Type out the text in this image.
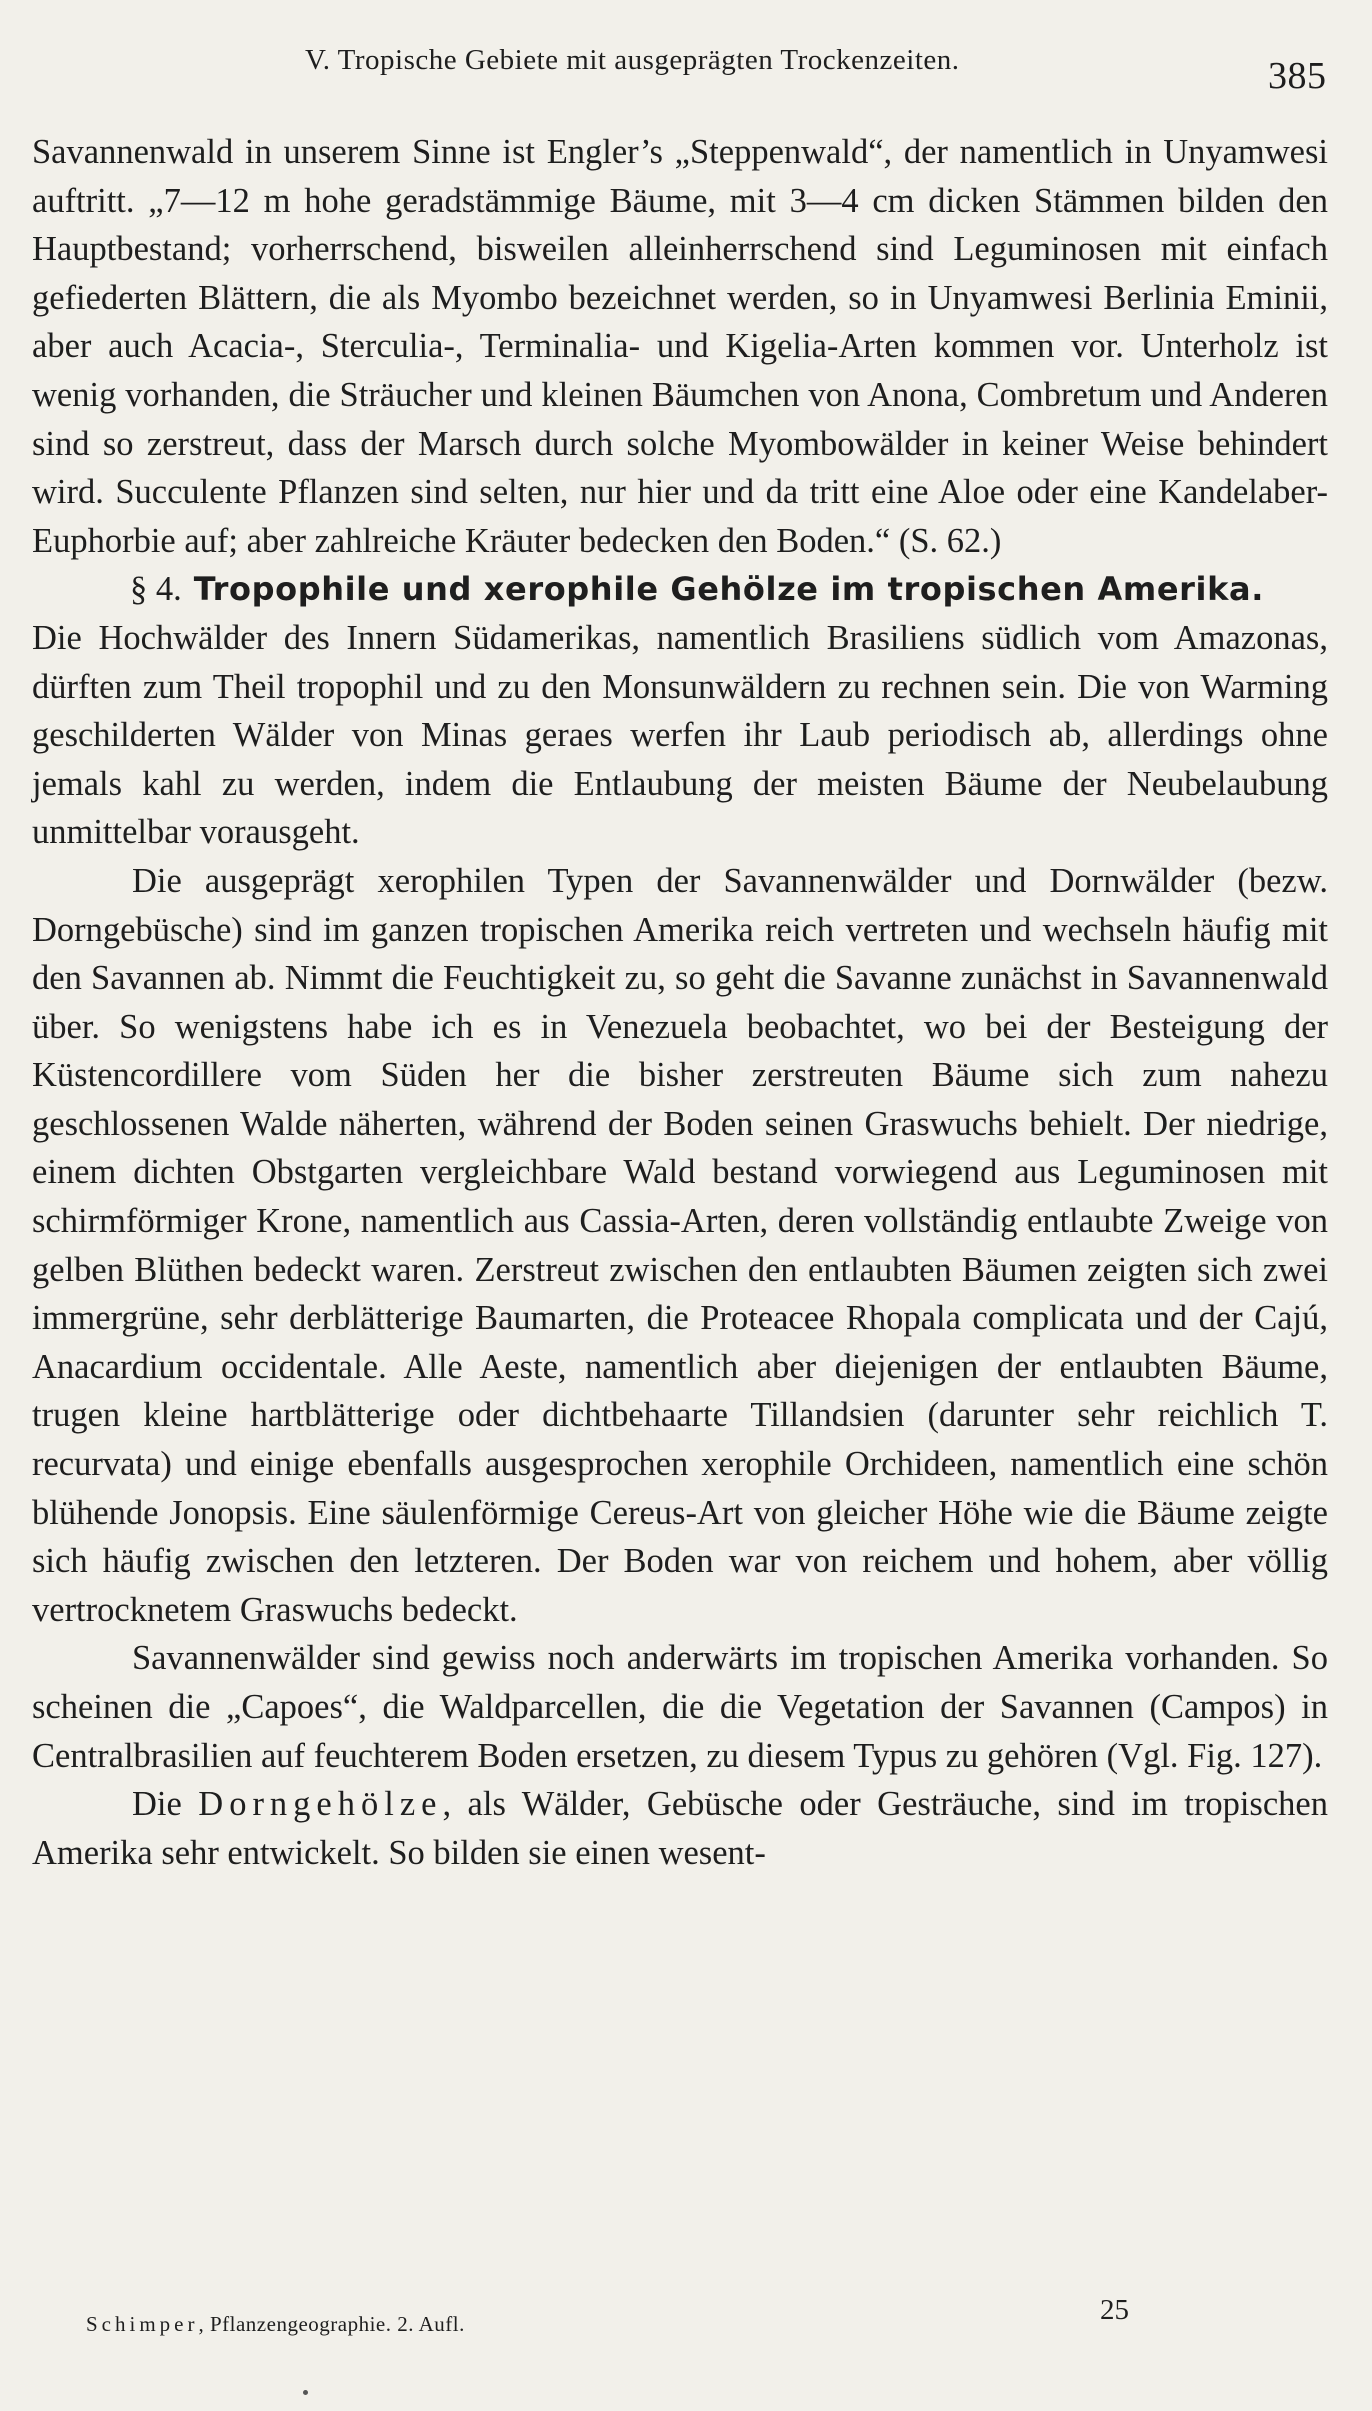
V. Tropische Gebiete mit ausgeprägten Trockenzeiten.	385

Savannenwald in unserem Sinne ist Engler’s „Steppenwald“, der namentlich in Unyamwesi auftritt. „7—12 m hohe geradstämmige Bäume, mit 3—4 cm dicken Stämmen bilden den Hauptbestand; vorherrschend, bisweilen alleinherrschend sind Leguminosen mit einfach gefiederten Blättern, die als Myombo bezeichnet werden, so in Unyamwesi Berlinia Eminii, aber auch Acacia-, Sterculia-, Terminalia- und Kigelia-Arten kommen vor. Unterholz ist wenig vorhanden, die Sträucher und kleinen Bäumchen von Anona, Combretum und Anderen sind so zerstreut, dass der Marsch durch solche Myombowälder in keiner Weise behindert wird. Succulente Pflanzen sind selten, nur hier und da tritt eine Aloe oder eine Kandelaber-Euphorbie auf; aber zahlreiche Kräuter bedecken den Boden.“ (S. 62.)

§ 4. Tropophile und xerophile Gehölze im tropischen Amerika.

Die Hochwälder des Innern Südamerikas, namentlich Brasiliens südlich vom Amazonas, dürften zum Theil tropophil und zu den Monsunwäldern zu rechnen sein. Die von Warming geschilderten Wälder von Minas geraes werfen ihr Laub periodisch ab, allerdings ohne jemals kahl zu werden, indem die Entlaubung der meisten Bäume der Neubelaubung unmittelbar vorausgeht.

Die ausgeprägt xerophilen Typen der Savannenwälder und Dornwälder (bezw. Dorngebüsche) sind im ganzen tropischen Amerika reich vertreten und wechseln häufig mit den Savannen ab. Nimmt die Feuchtigkeit zu, so geht die Savanne zunächst in Savannenwald über. So wenigstens habe ich es in Venezuela beobachtet, wo bei der Besteigung der Küstencordillere vom Süden her die bisher zerstreuten Bäume sich zum nahezu geschlossenen Walde näherten, während der Boden seinen Graswuchs behielt. Der niedrige, einem dichten Obstgarten vergleichbare Wald bestand vorwiegend aus Leguminosen mit schirmförmiger Krone, namentlich aus Cassia-Arten, deren vollständig entlaubte Zweige von gelben Blüthen bedeckt waren. Zerstreut zwischen den entlaubten Bäumen zeigten sich zwei immergrüne, sehr derblätterige Baumarten, die Proteacee Rhopala complicata und der Cajú, Anacardium occidentale. Alle Aeste, namentlich aber diejenigen der entlaubten Bäume, trugen kleine hartblätterige oder dichtbehaarte Tillandsien (darunter sehr reichlich T. recurvata) und einige ebenfalls ausgesprochen xerophile Orchideen, namentlich eine schön blühende Jonopsis. Eine säulenförmige Cereus-Art von gleicher Höhe wie die Bäume zeigte sich häufig zwischen den letzteren. Der Boden war von reichem und hohem, aber völlig vertrocknetem Graswuchs bedeckt.

Savannenwälder sind gewiss noch anderwärts im tropischen Amerika vorhanden. So scheinen die „Capoes“, die Waldparcellen, die die Vegetation der Savannen (Campos) in Centralbrasilien auf feuchterem Boden ersetzen, zu diesem Typus zu gehören (Vgl. Fig. 127).

Die Dorngehölze, als Wälder, Gebüsche oder Gesträuche, sind im tropischen Amerika sehr entwickelt. So bilden sie einen wesent-

Schimper, Pflanzengeographie. 2. Aufl.	25
